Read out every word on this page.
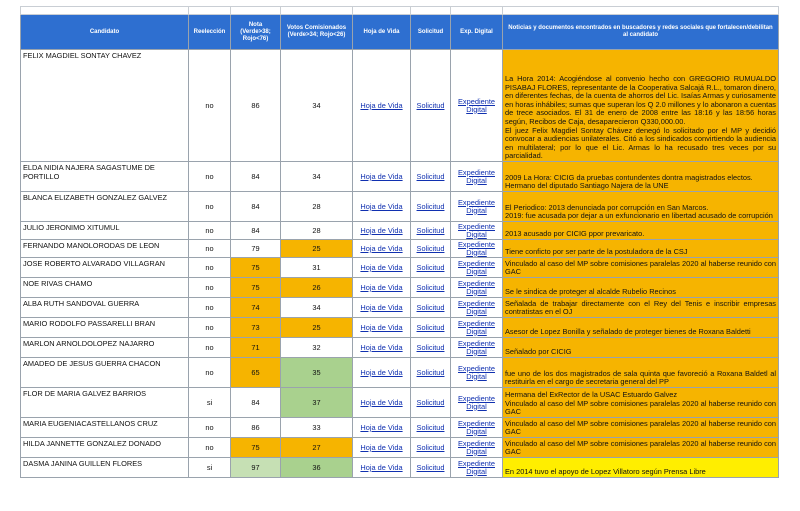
Candidato	Reelección	Nota (Verde>38; Rojo<76)	Votos Comisionados (Verde>34; Rojo<26)	Hoja de Vida	Solicitud	Exp. Digital	Noticias y documentos encontrados en buscadores y redes sociales que fortalecen/debilitan al candidato
FELIX MAGDIEL SONTAY CHAVEZ	no	86	34	Hoja de Vida	Solicitud	Expediente Digital	La Hora 2014: Acogiéndose al convenio hecho con GREGORIO RUMUALDO PISABAJ FLORES, representante de la Cooperativa Salcajá R.L., tomaron dinero, en diferentes fechas, de la cuenta de ahorros del Lic. Isaías Armas y curiosamente en horas inhábiles; sumas que superan los Q 2.0 millones y lo abonaron a cuentas de trece asociados. El 31 de enero de 2008 entre las 18:16 y las 18:56 horas según, Recibos de Caja, desaparecieron Q330,000.00.
El juez Felix Magdiel Sontay Chávez denegó lo solicitado por el MP y decidió convocar a audiencias unilaterales. Citó a los sindicados convirtiendo la audiencia en multilateral; por lo que el Lic. Armas lo ha recusado tres veces por su parcialidad.

ELDA NIDIA NAJERA SAGASTUME DE PORTILLO	no	84	34	Hoja de Vida	Solicitud	Expediente Digital	2009 La Hora: CICIG da pruebas contundentes dontra magistrados electos.
Hermano del diputado Santiago Najera de la UNE

BLANCA ELIZABETH GONZALEZ GALVEZ	no	84	28	Hoja de Vida	Solicitud	Expediente Digital	El Periodico: 2013 denunciada por corrupción en San Marcos.
2019: fue acusada por dejar a un exfuncionario en libertad acusado de corrupción

JULIO JERONIMO XITUMUL	no	84	28	Hoja de Vida	Solicitud	Expediente Digital	2013 acusado por CICIG ppor prevaricato.

FERNANDO MANOLORODAS DE LEON	no	79	25	Hoja de Vida	Solicitud	Expediente Digital	Tiene conficto por ser parte de la postuladora de la CSJ

JOSE ROBERTO ALVARADO VILLAGRAN	no	75	31	Hoja de Vida	Solicitud	Expediente Digital	Vinculado al caso del MP sobre comisiones paralelas 2020 al haberse reunido con GAC

NOE RIVAS CHAMO	no	75	26	Hoja de Vida	Solicitud	Expediente Digital	Se le sindica de proteger al alcalde Rubelio Recinos

ALBA RUTH SANDOVAL GUERRA	no	74	34	Hoja de Vida	Solicitud	Expediente Digital	Señalada de trabajar directamente con el Rey del Tenis e inscribir empresas contratistas en el OJ

MARIO RODOLFO PASSARELLI BRAN	no	73	25	Hoja de Vida	Solicitud	Expediente Digital	Asesor de Lopez Bonilla y señalado de proteger bienes de Roxana Baldetti

MARLON ARNOLDOLOPEZ NAJARRO	no	71	32	Hoja de Vida	Solicitud	Expediente Digital	Señalado por CICIG

AMADEO DE JESUS GUERRA CHACON	no	65	35	Hoja de Vida	Solicitud	Expediente Digital	fue uno de los dos magistrados de sala quinta que favoreció a Roxana Baldetl al restituirla en el cargo de secretaria general del PP

FLOR DE MARIA GALVEZ BARRIOS	si	84	37	Hoja de Vida	Solicitud	Expediente Digital	Hermana del ExRector de la USAC Estuardo Galvez
Vinculado al caso del MP sobre comisiones paralelas 2020 al haberse reunido con GAC

MARIA EUGENIACASTELLANOS CRUZ	no	86	33	Hoja de Vida	Solicitud	Expediente Digital	Vinculado al caso del MP sobre comisiones paralelas 2020 al haberse reunido con GAC

HILDA JANNETTE GONZALEZ DONADO	no	75	27	Hoja de Vida	Solicitud	Expediente Digital	Vinculado al caso del MP sobre comisiones paralelas 2020 al haberse reunido con GAC

DASMA JANINA GUILLEN FLORES	si	97	36	Hoja de Vida	Solicitud	Expediente Digital	En 2014 tuvo el apoyo de Lopez Villatoro según Prensa Libre
